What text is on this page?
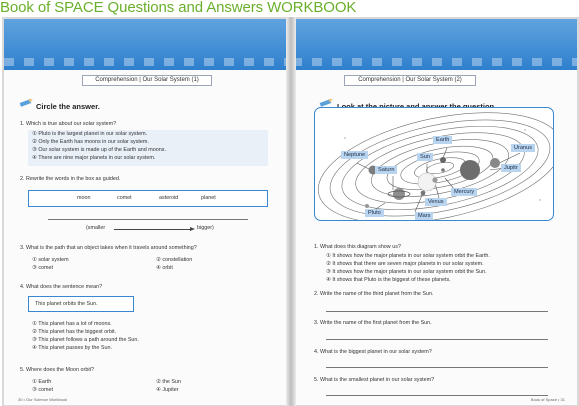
Book of SPACE Questions and Answers WORKBOOK
Comprehension | Our Solar System (1)
Circle the answer.
1. Which is true about our solar system?
① Pluto is the largest planet in our solar system.
② Only the Earth has moons in our solar system.
③ Our solar system is made up of the Earth and moons.
④ There are nine major planets in our solar system.
2. Rewrite the words in the box as guided.
moon	comet	asteroid	planet
(smaller	bigger)
3. What is the path that an object takes when it travels around something?
① solar system	② constellation
③ comet	④ orbit
4. What does the sentence mean?
This planet orbits the Sun.
① This planet has a lot of moons.
② This planet has the biggest orbit.
③ This planet follows a path around the Sun.
④ This planet passes by the Sun.
5. Where does the Moon orbit?
① Earth	② the Sun
③ comet	④ Jupiter
30 • Our Science Workbook
Comprehension | Our Solar System (2)
Earth
Uranus
Neptune	Sun
Saturn	Jupitr
Mercury
Venus
Pluto	Mars
1. What does this diagram show us?
① It shows how the major planets in our solar system orbit the Earth.
② It shows that there are seven major planets in our solar system.
③ It shows how the major planets in our solar system orbit the Sun.
④ It shows that Pluto is the biggest of these planets.
2. Write the name of the third planet from the Sun.
3. Write the name of the first planet from the Sun.
4. What is the biggest planet in our solar system?
5. What is the smallest planet in our solar system?
Book of Space • 31
